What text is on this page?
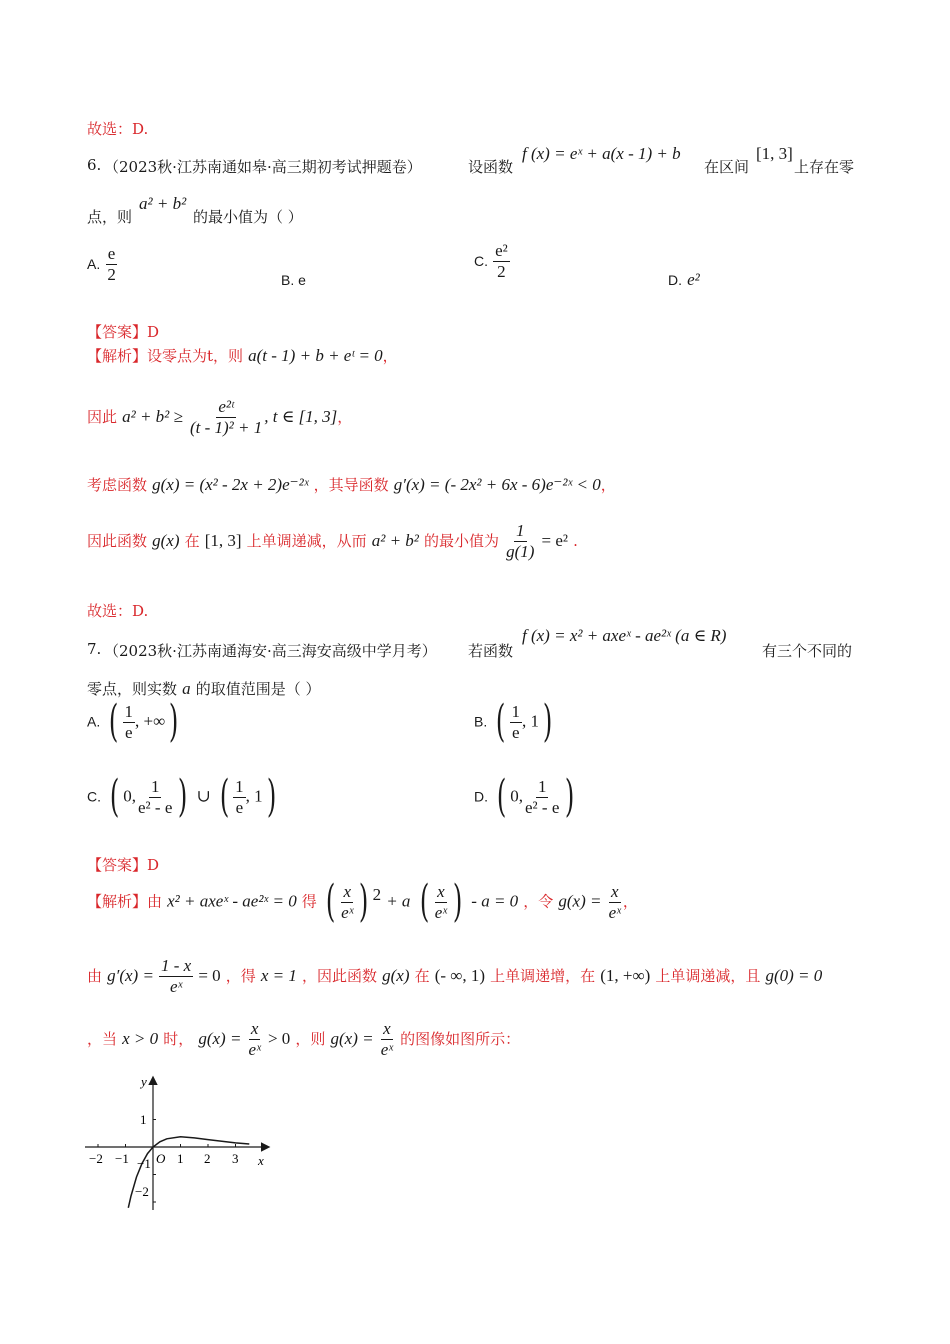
故选：D.
6. （2023秋·江苏南通如皋·高三期初考试押题卷）	设函数
f (x) = eˣ + a(x - 1) + b
在区间
[1, 3]
上存在零
点，则
a² + b²
的最小值为（ ）
A. $\frac{e}{2}$	B. e
C. $\frac{\text{e²}}{2}$	D. e²
【答案】D
【解析】设零点为t，则 a(t - 1) + b + eᵗ = 0，
因此 $a^2 + b^2 \ge \frac{\text{e²ᵗ}}{\text{(t - 1)² + 1}}$ , t ∈ [1, 3]，
考虑函数 g(x) = (x² - 2x + 2)e⁻²ˣ ，其导函数 g′(x) = (- 2x² + 6x - 6)e⁻²ˣ < 0，
因此函数 g(x) 在 [1, 3] 上单调递减，从而 a² + b² 的最小值为 $\frac{1}{g(1)} = e^2$ .
故选：D.
7. （2023秋·江苏南通海安·高三海安高级中学月考） 若函数
f (x) = x² + axeˣ - ae²ˣ (a ∈ R)
有三个不同的
零点，则实数 a 的取值范围是（ ）
A. ( $\frac{1}{e}$ , +∞)	B. ( $\frac{1}{e}$ , 1)
C. ( 0, $\frac{1}{\text{e² - e}}$ ) ∪ ( $\frac{1}{e}$ , 1)	D. ( 0, $\frac{1}{\text{e² - e}}$ )
【答案】D
【解析】由 x² + axeˣ - ae²ˣ = 0 得 ( $\frac{x}{\text{eˣ}}$ ) $^2$ + a ( $\frac{x}{\text{eˣ}}$ ) - a = 0 ，令 $g(x) = \frac{x}{\text{eˣ}}$ ，
由 $g'(x) = \frac{1 - x}{\text{eˣ}} = 0$ ，得 x = 1 ，因此函数 g(x) 在 (- ∞, 1) 上单调递增，在 (1, +∞) 上单调递减，且 g(0) = 0
，当 x > 0 时， $g(x) = \frac{x}{\text{eˣ}} > 0$ ，则 $g(x) = \frac{x}{\text{eˣ}}$ 的图像如图所示：
y
x
O
−2 −1	1 2 3
1
−1
−2
